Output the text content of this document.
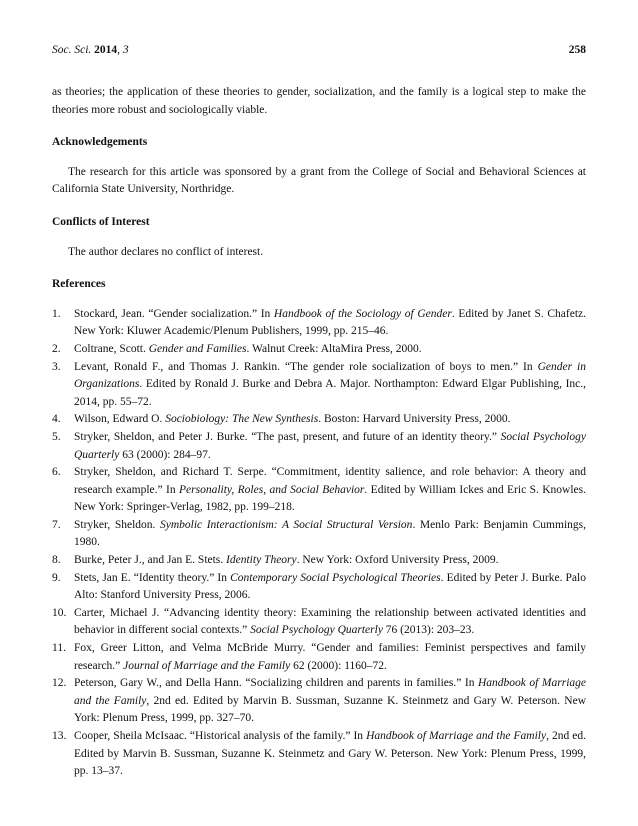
Soc. Sci. 2014, 3	258

as theories; the application of these theories to gender, socialization, and the family is a logical step to make the theories more robust and sociologically viable.

Acknowledgements

The research for this article was sponsored by a grant from the College of Social and Behavioral Sciences at California State University, Northridge.

Conflicts of Interest

The author declares no conflict of interest.

References

1.	Stockard, Jean. “Gender socialization.” In Handbook of the Sociology of Gender. Edited by Janet S. Chafetz. New York: Kluwer Academic/Plenum Publishers, 1999, pp. 215–46.
2.	Coltrane, Scott. Gender and Families. Walnut Creek: AltaMira Press, 2000.
3.	Levant, Ronald F., and Thomas J. Rankin. “The gender role socialization of boys to men.” In Gender in Organizations. Edited by Ronald J. Burke and Debra A. Major. Northampton: Edward Elgar Publishing, Inc., 2014, pp. 55–72.
4.	Wilson, Edward O. Sociobiology: The New Synthesis. Boston: Harvard University Press, 2000.
5.	Stryker, Sheldon, and Peter J. Burke. “The past, present, and future of an identity theory.” Social Psychology Quarterly 63 (2000): 284–97.
6.	Stryker, Sheldon, and Richard T. Serpe. “Commitment, identity salience, and role behavior: A theory and research example.” In Personality, Roles, and Social Behavior. Edited by William Ickes and Eric S. Knowles. New York: Springer-Verlag, 1982, pp. 199–218.
7.	Stryker, Sheldon. Symbolic Interactionism: A Social Structural Version. Menlo Park: Benjamin Cummings, 1980.
8.	Burke, Peter J., and Jan E. Stets. Identity Theory. New York: Oxford University Press, 2009.
9.	Stets, Jan E. “Identity theory.” In Contemporary Social Psychological Theories. Edited by Peter J. Burke. Palo Alto: Stanford University Press, 2006.
10. Carter, Michael J. “Advancing identity theory: Examining the relationship between activated identities and behavior in different social contexts.” Social Psychology Quarterly 76 (2013): 203–23.
11. Fox, Greer Litton, and Velma McBride Murry. “Gender and families: Feminist perspectives and family research.” Journal of Marriage and the Family 62 (2000): 1160–72.
12. Peterson, Gary W., and Della Hann. “Socializing children and parents in families.” In Handbook of Marriage and the Family, 2nd ed. Edited by Marvin B. Sussman, Suzanne K. Steinmetz and Gary W. Peterson. New York: Plenum Press, 1999, pp. 327–70.
13. Cooper, Sheila McIsaac. “Historical analysis of the family.” In Handbook of Marriage and the Family, 2nd ed. Edited by Marvin B. Sussman, Suzanne K. Steinmetz and Gary W. Peterson. New York: Plenum Press, 1999, pp. 13–37.
